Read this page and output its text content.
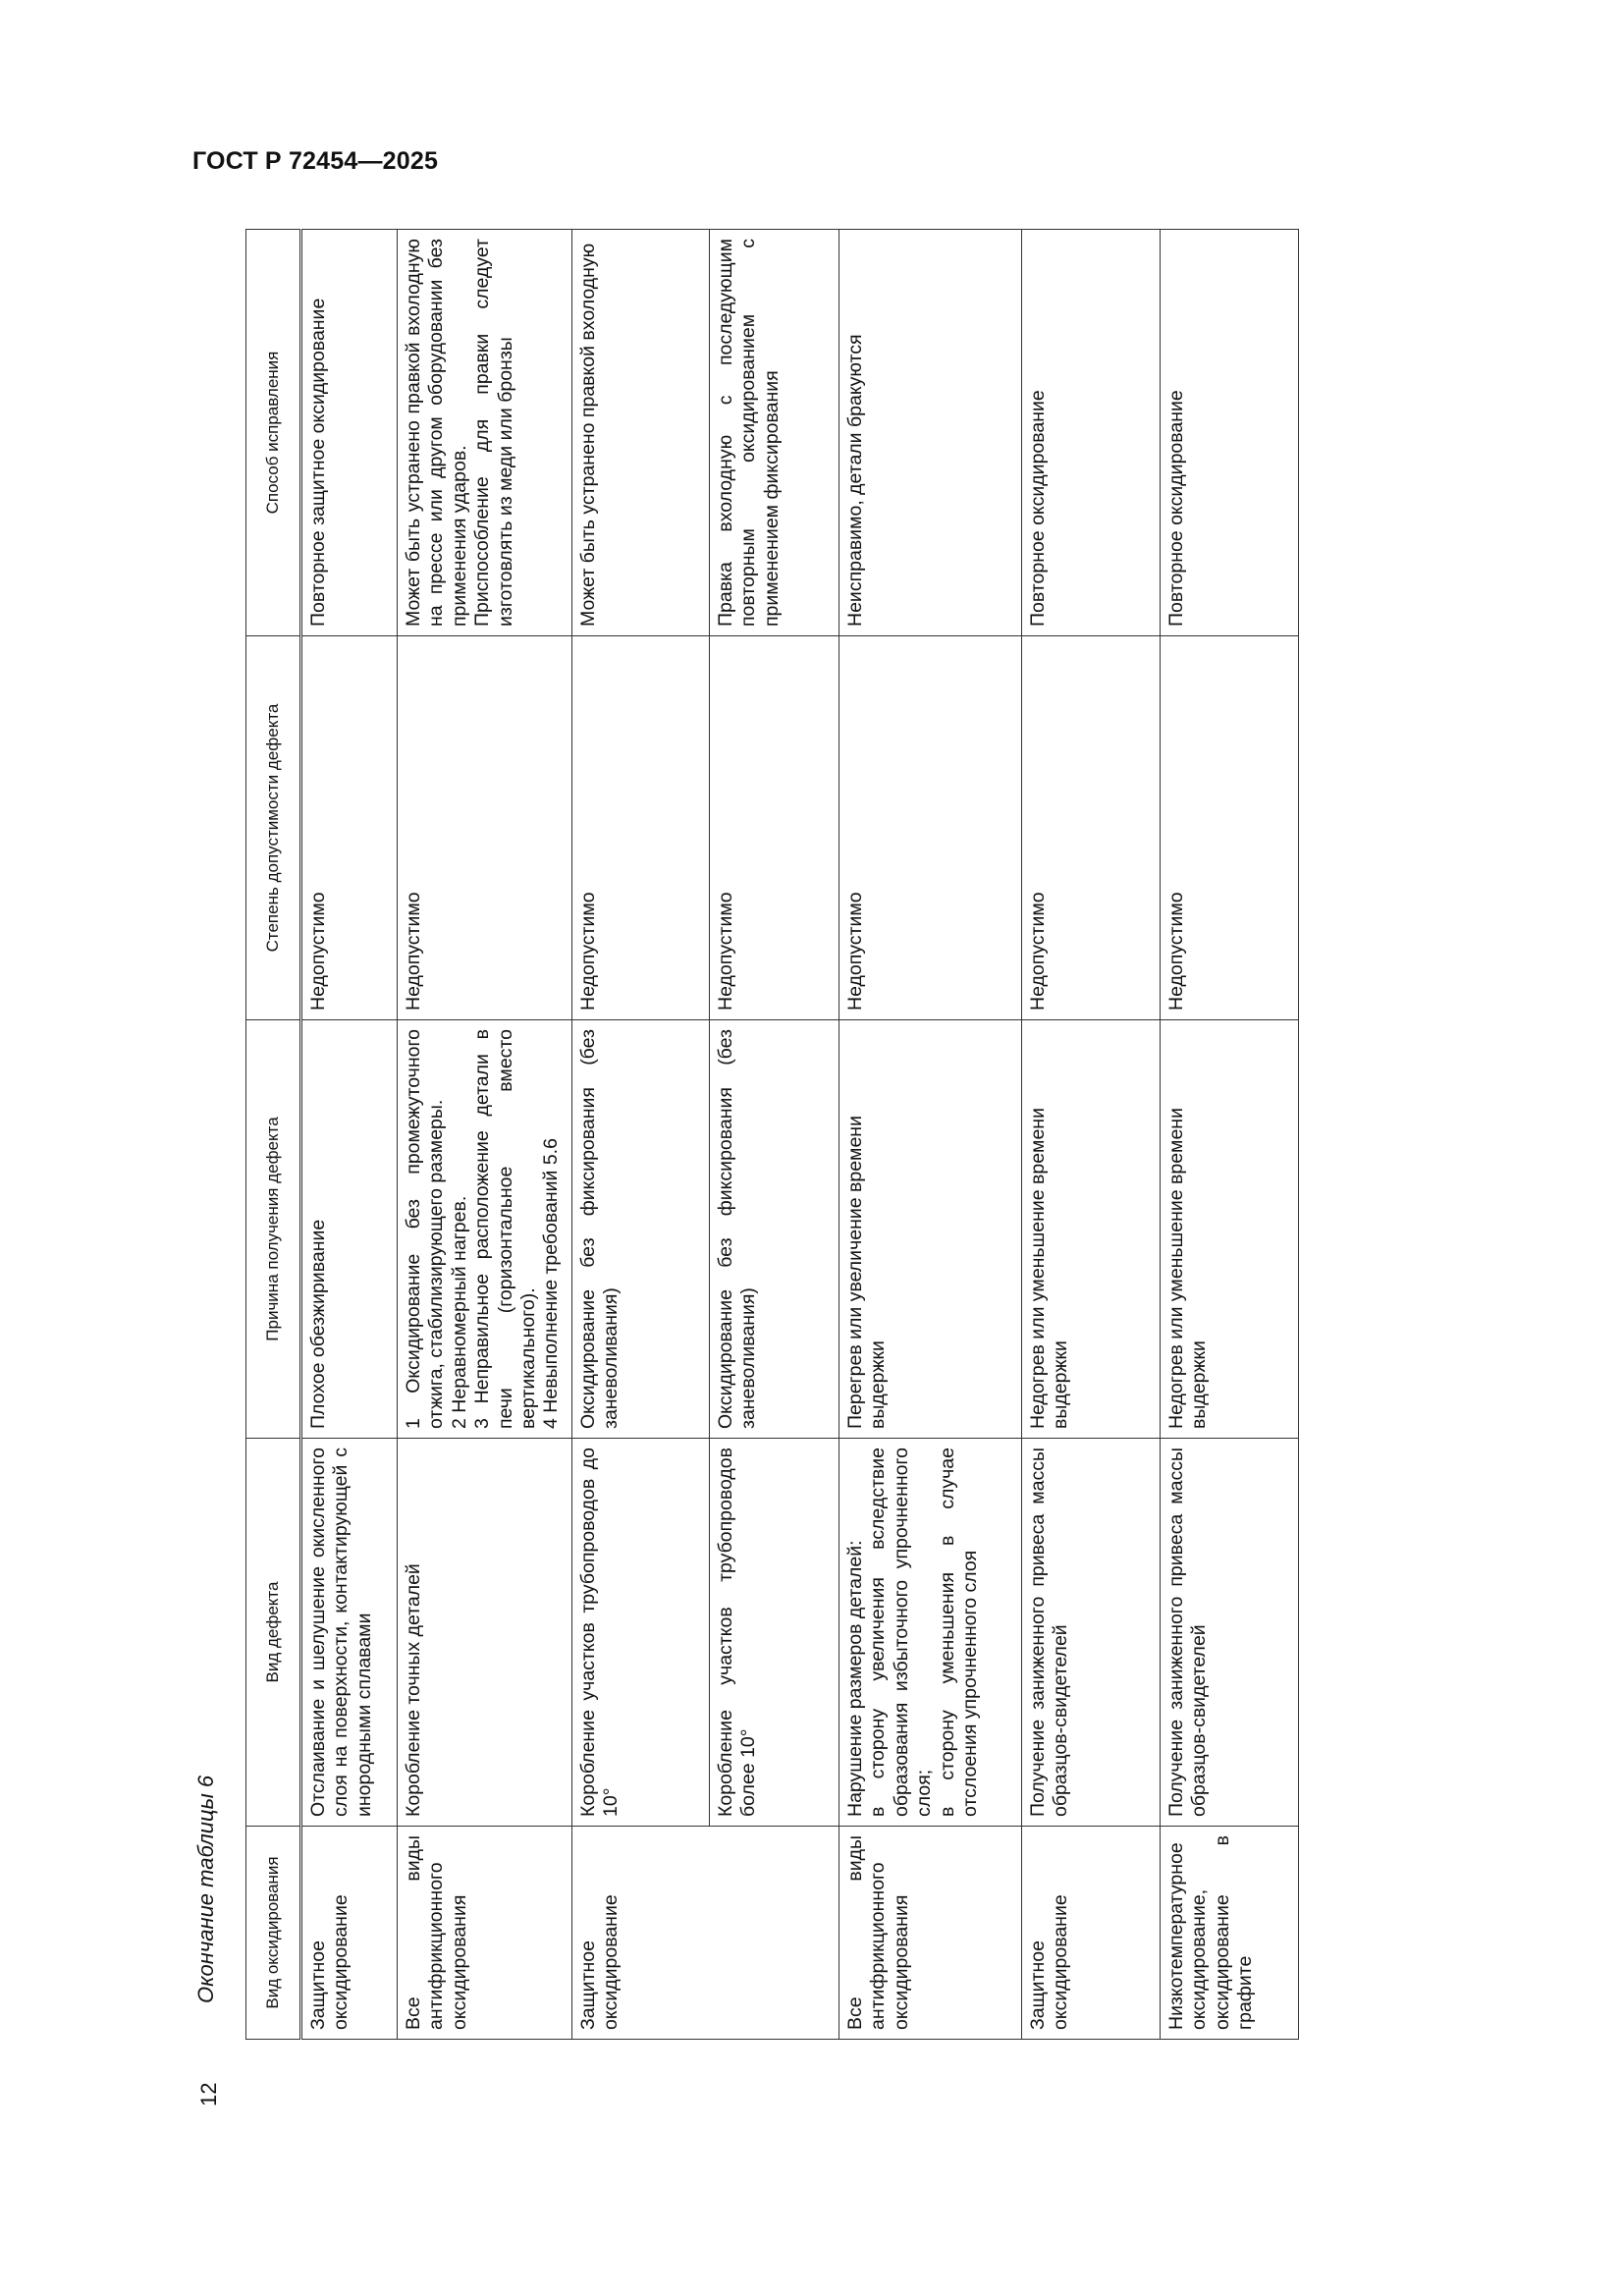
ГОСТ Р 72454—2025
Окончание таблицы 6
12
Вид оксидирования	Вид дефекта	Причина получения дефекта	Степень допустимости дефекта	Способ исправления
Защитное оксидирование	Отслаивание и шелушение окисленного слоя на поверхности, контактирующей с инородными сплавами	Плохое обезжиривание	Недопустимо	Повторное защитное оксидирование
Все виды антифрикционного оксидирования	Коробление точных деталей	1 Оксидирование без промежуточного отжига, стабилизирующего размеры. 2 Неравномерный нагрев. 3 Неправильное расположение детали в печи (горизонтальное вместо вертикального). 4 Невыполнение требований 5.6	Недопустимо	Может быть устранено правкой вхолодную на прессе или другом оборудовании без применения ударов. Приспособление для правки следует изготовлять из меди или бронзы

Защитное оксидирование	Коробление участков трубопроводов до 10°	Оксидирование без фиксирования (без заневоливания)	Недопустимо	Может быть устранено правкой вхолодную
	Коробление участков трубопроводов более 10°	Оксидирование без фиксирования (без заневоливания)	Недопустимо	Правка вхолодную с последующим повторным оксидированием с применением фиксирования
Все виды антифрикционного оксидирования	Нарушение размеров деталей: в сторону увеличения вследствие образования избыточного упрочненного слоя; в сторону уменьшения в случае отслоения упрочненного слоя	Перегрев или увеличение времени выдержки	Недопустимо	Неисправимо, детали бракуются
Защитное оксидирование	Получение заниженного привеса массы образцов-свидетелей	Недогрев или уменьшение времени выдержки	Недопустимо	Повторное оксидирование
Низкотемпературное оксидирование, оксидирование в графите	Получение заниженного привеса массы образцов-свидетелей	Недогрев или уменьшение времени выдержки	Недопустимо	Повторное оксидирование
